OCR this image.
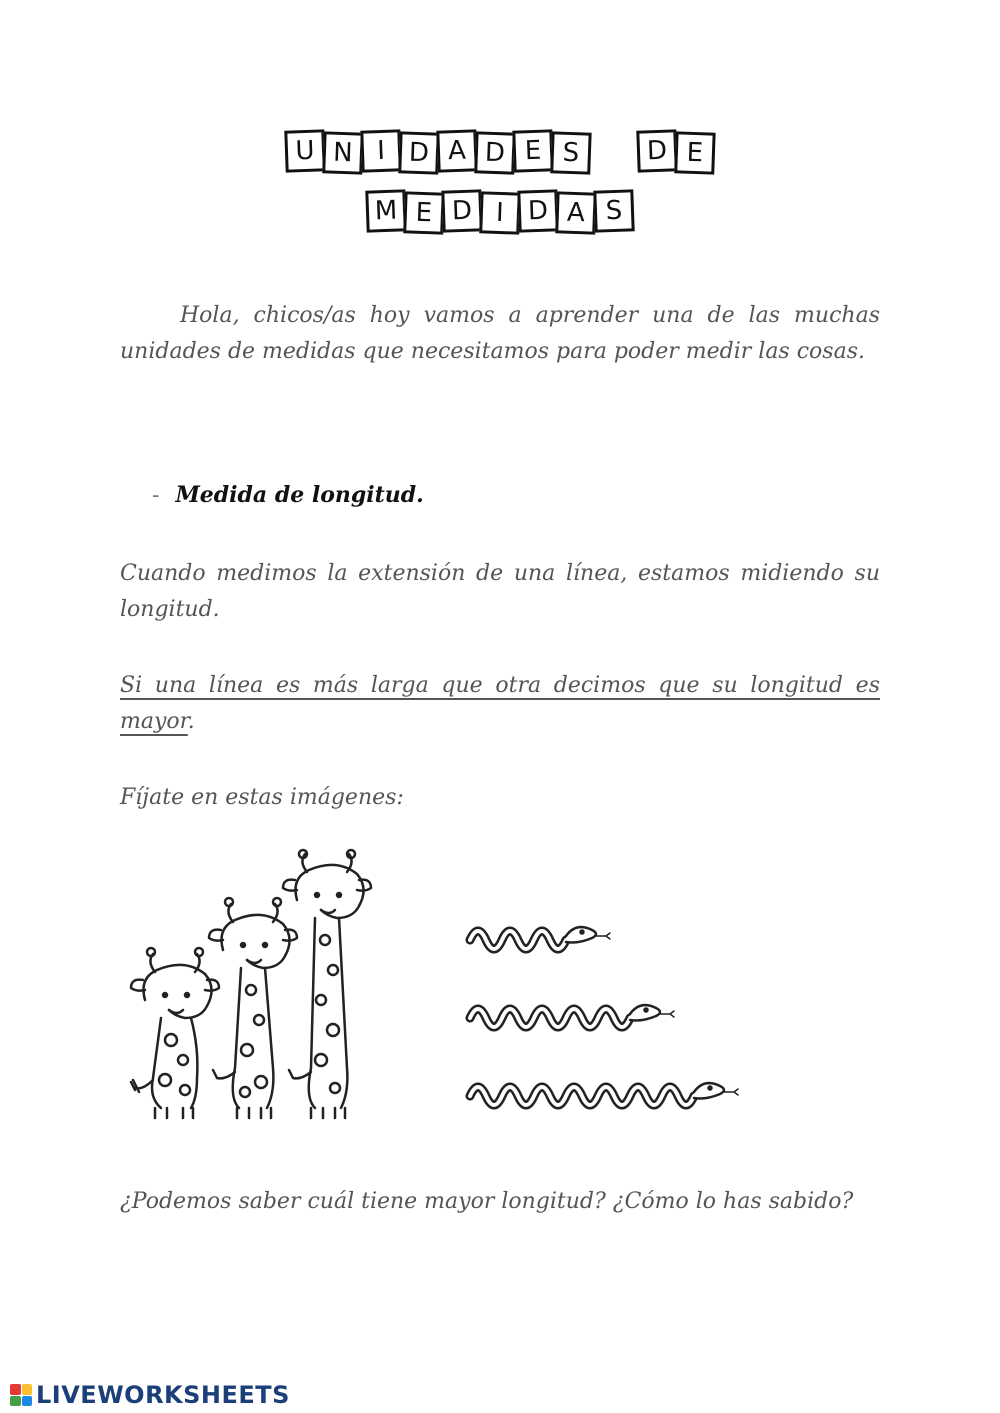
U N I D A D E S	D E
M E D I D A S

Hola, chicos/as hoy vamos a aprender una de las muchas unidades de medidas que necesitamos para poder medir las cosas.

- Medida de longitud.

Cuando medimos la extensión de una línea, estamos midiendo su longitud.

Si una línea es más larga que otra decimos que su longitud es mayor.

Fíjate en estas imágenes:

¿Podemos saber cuál tiene mayor longitud? ¿Cómo lo has sabido?

LIVEWORKSHEETS
